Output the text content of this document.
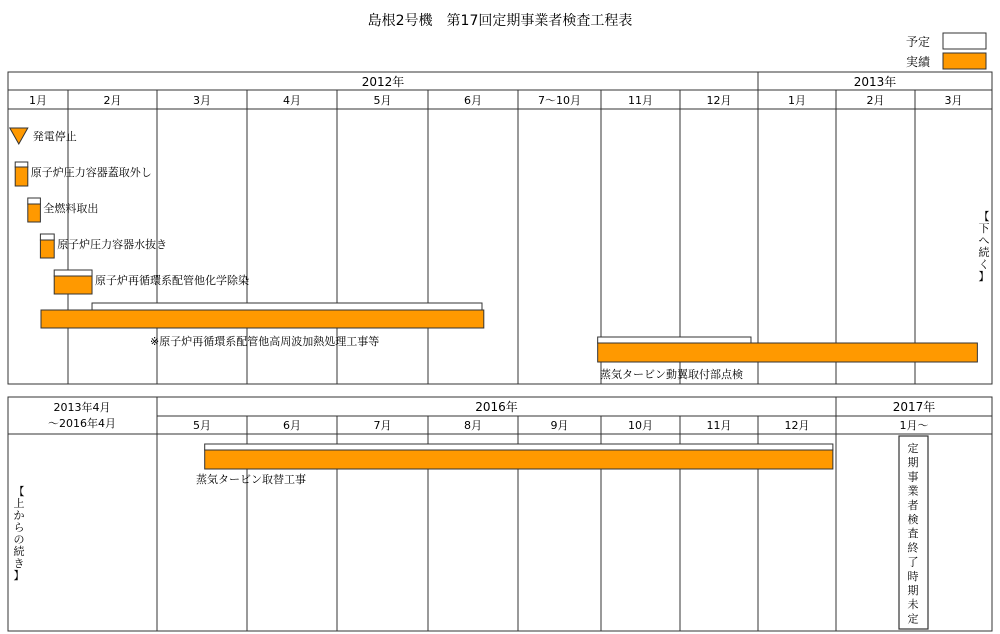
島根2号機　第17回定期事業者検査工程表
予定
実績
2012年	2013年
1月	2月	3月	4月	5月	6月	7～10月	11月	12月	1月	2月	3月
発電停止
原子炉圧力容器蓋取外し
全燃料取出
原子炉圧力容器水抜き
原子炉再循環系配管他化学除染
※原子炉再循環系配管他高周波加熱処理工事等
蒸気タービン動翼取付部点検
【下へ続く】
2013年4月
～2016年4月
2016年	2017年
5月	6月	7月	8月	9月	10月	11月	12月	1月～
蒸気タービン取替工事
【上からの続き】
定期事業者検査終了時期未定
